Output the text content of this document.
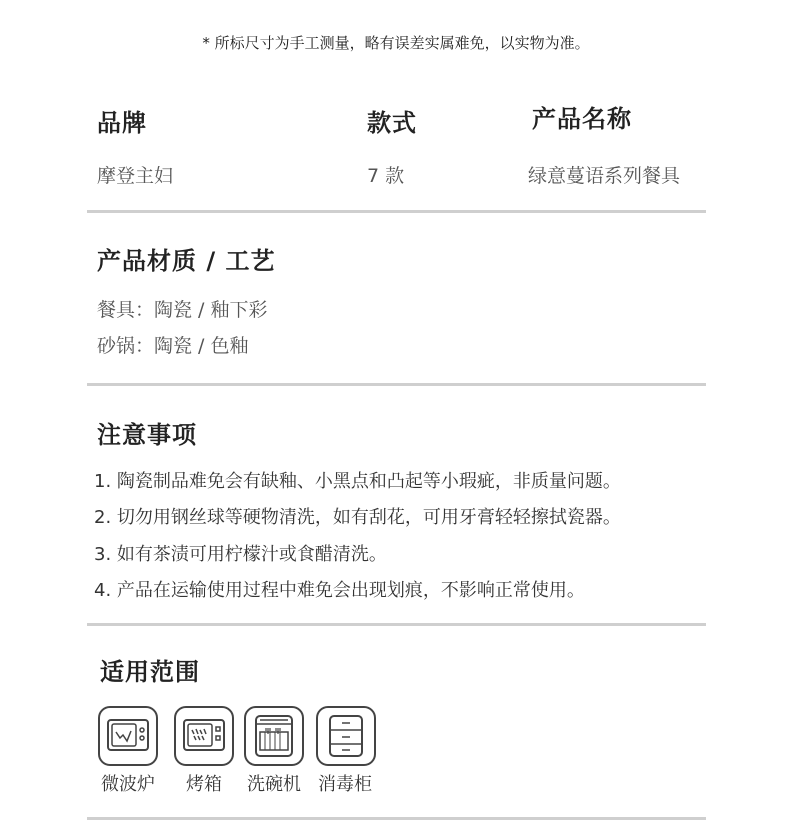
* 所标尺寸为手工测量，略有误差实属难免，以实物为准。
品牌
摩登主妇
款式
7 款
产品名称
绿意蔓语系列餐具
产品材质 / 工艺
餐具：陶瓷 / 釉下彩
砂锅：陶瓷 / 色釉
注意事项
1. 陶瓷制品难免会有缺釉、小黑点和凸起等小瑕疵，非质量问题。
2. 切勿用钢丝球等硬物清洗，如有刮花，可用牙膏轻轻擦拭瓷器。
3. 如有茶渍可用柠檬汁或食醋清洗。
4. 产品在运输使用过程中难免会出现划痕，不影响正常使用。
适用范围
微波炉	烤箱	洗碗机 消毒柜
